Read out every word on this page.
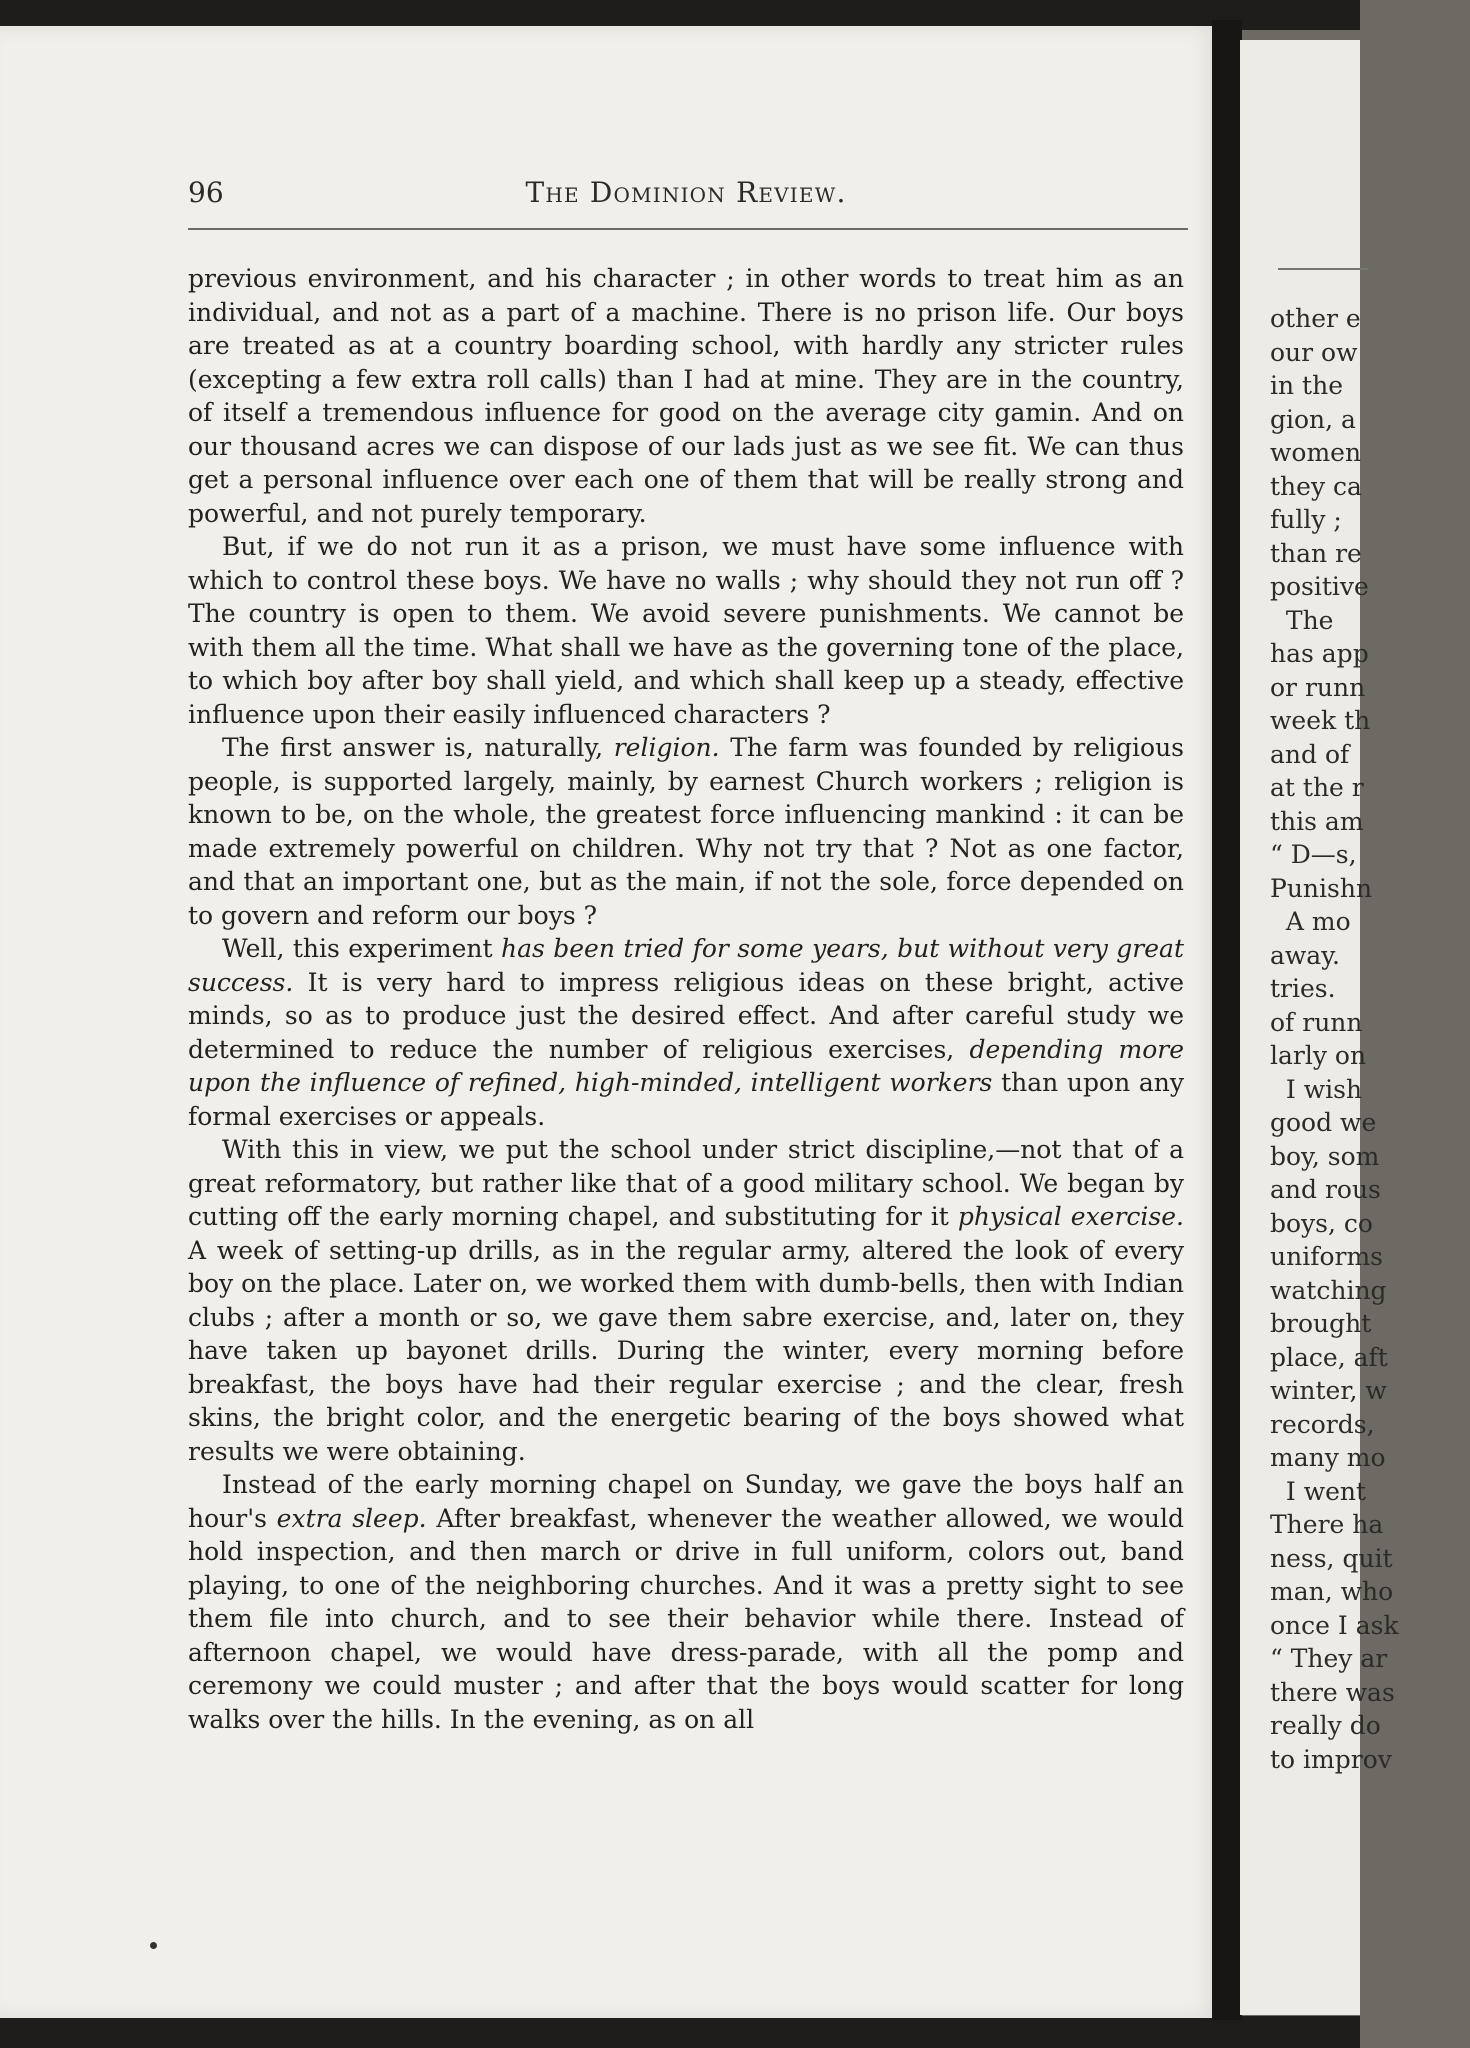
other e
our ow
in the
gion, a
women
they ca
fully ;
than re
positive
The
has app
or runn
week th
and of
at the r
this am
“ D—s,
Punishn
A mo
away.
tries.
of runn
larly on
I wish
good we
boy, som
and rous
boys, co
uniforms
watching
brought
place, aft
winter, w
records,
many mo
I went
There ha
ness, quit
man, who
once I ask
“ They ar
there was
really do
to improv
96	The Dominion Review.

previous environment, and his character ; in other words to treat him as an individual, and not as a part of a machine. There is no prison life. Our boys are treated as at a country boarding school, with hardly any stricter rules (excepting a few extra roll calls) than I had at mine. They are in the country, of itself a tremendous influence for good on the average city gamin. And on our thousand acres we can dispose of our lads just as we see fit. We can thus get a personal influence over each one of them that will be really strong and powerful, and not purely temporary.

But, if we do not run it as a prison, we must have some influence with which to control these boys. We have no walls ; why should they not run off ? The country is open to them. We avoid severe punishments. We cannot be with them all the time. What shall we have as the governing tone of the place, to which boy after boy shall yield, and which shall keep up a steady, effective influence upon their easily influenced characters ?

The first answer is, naturally, religion. The farm was founded by religious people, is supported largely, mainly, by earnest Church workers ; religion is known to be, on the whole, the greatest force influencing mankind : it can be made extremely powerful on children. Why not try that ? Not as one factor, and that an important one, but as the main, if not the sole, force depended on to govern and reform our boys ?

Well, this experiment has been tried for some years, but without very great success. It is very hard to impress religious ideas on these bright, active minds, so as to produce just the desired effect. And after careful study we determined to reduce the number of religious exercises, depending more upon the influence of refined, high-minded, intelligent workers than upon any formal exercises or appeals.

With this in view, we put the school under strict discipline,—not that of a great reformatory, but rather like that of a good military school. We began by cutting off the early morning chapel, and substituting for it physical exercise. A week of setting-up drills, as in the regular army, altered the look of every boy on the place. Later on, we worked them with dumb-bells, then with Indian clubs ; after a month or so, we gave them sabre exercise, and, later on, they have taken up bayonet drills. During the winter, every morning before breakfast, the boys have had their regular exercise ; and the clear, fresh skins, the bright color, and the energetic bearing of the boys showed what results we were obtaining.

Instead of the early morning chapel on Sunday, we gave the boys half an hour's extra sleep. After breakfast, whenever the weather allowed, we would hold inspection, and then march or drive in full uniform, colors out, band playing, to one of the neighboring churches. And it was a pretty sight to see them file into church, and to see their behavior while there. Instead of afternoon chapel, we would have dress-parade, with all the pomp and ceremony we could muster ; and after that the boys would scatter for long walks over the hills. In the evening, as on all
